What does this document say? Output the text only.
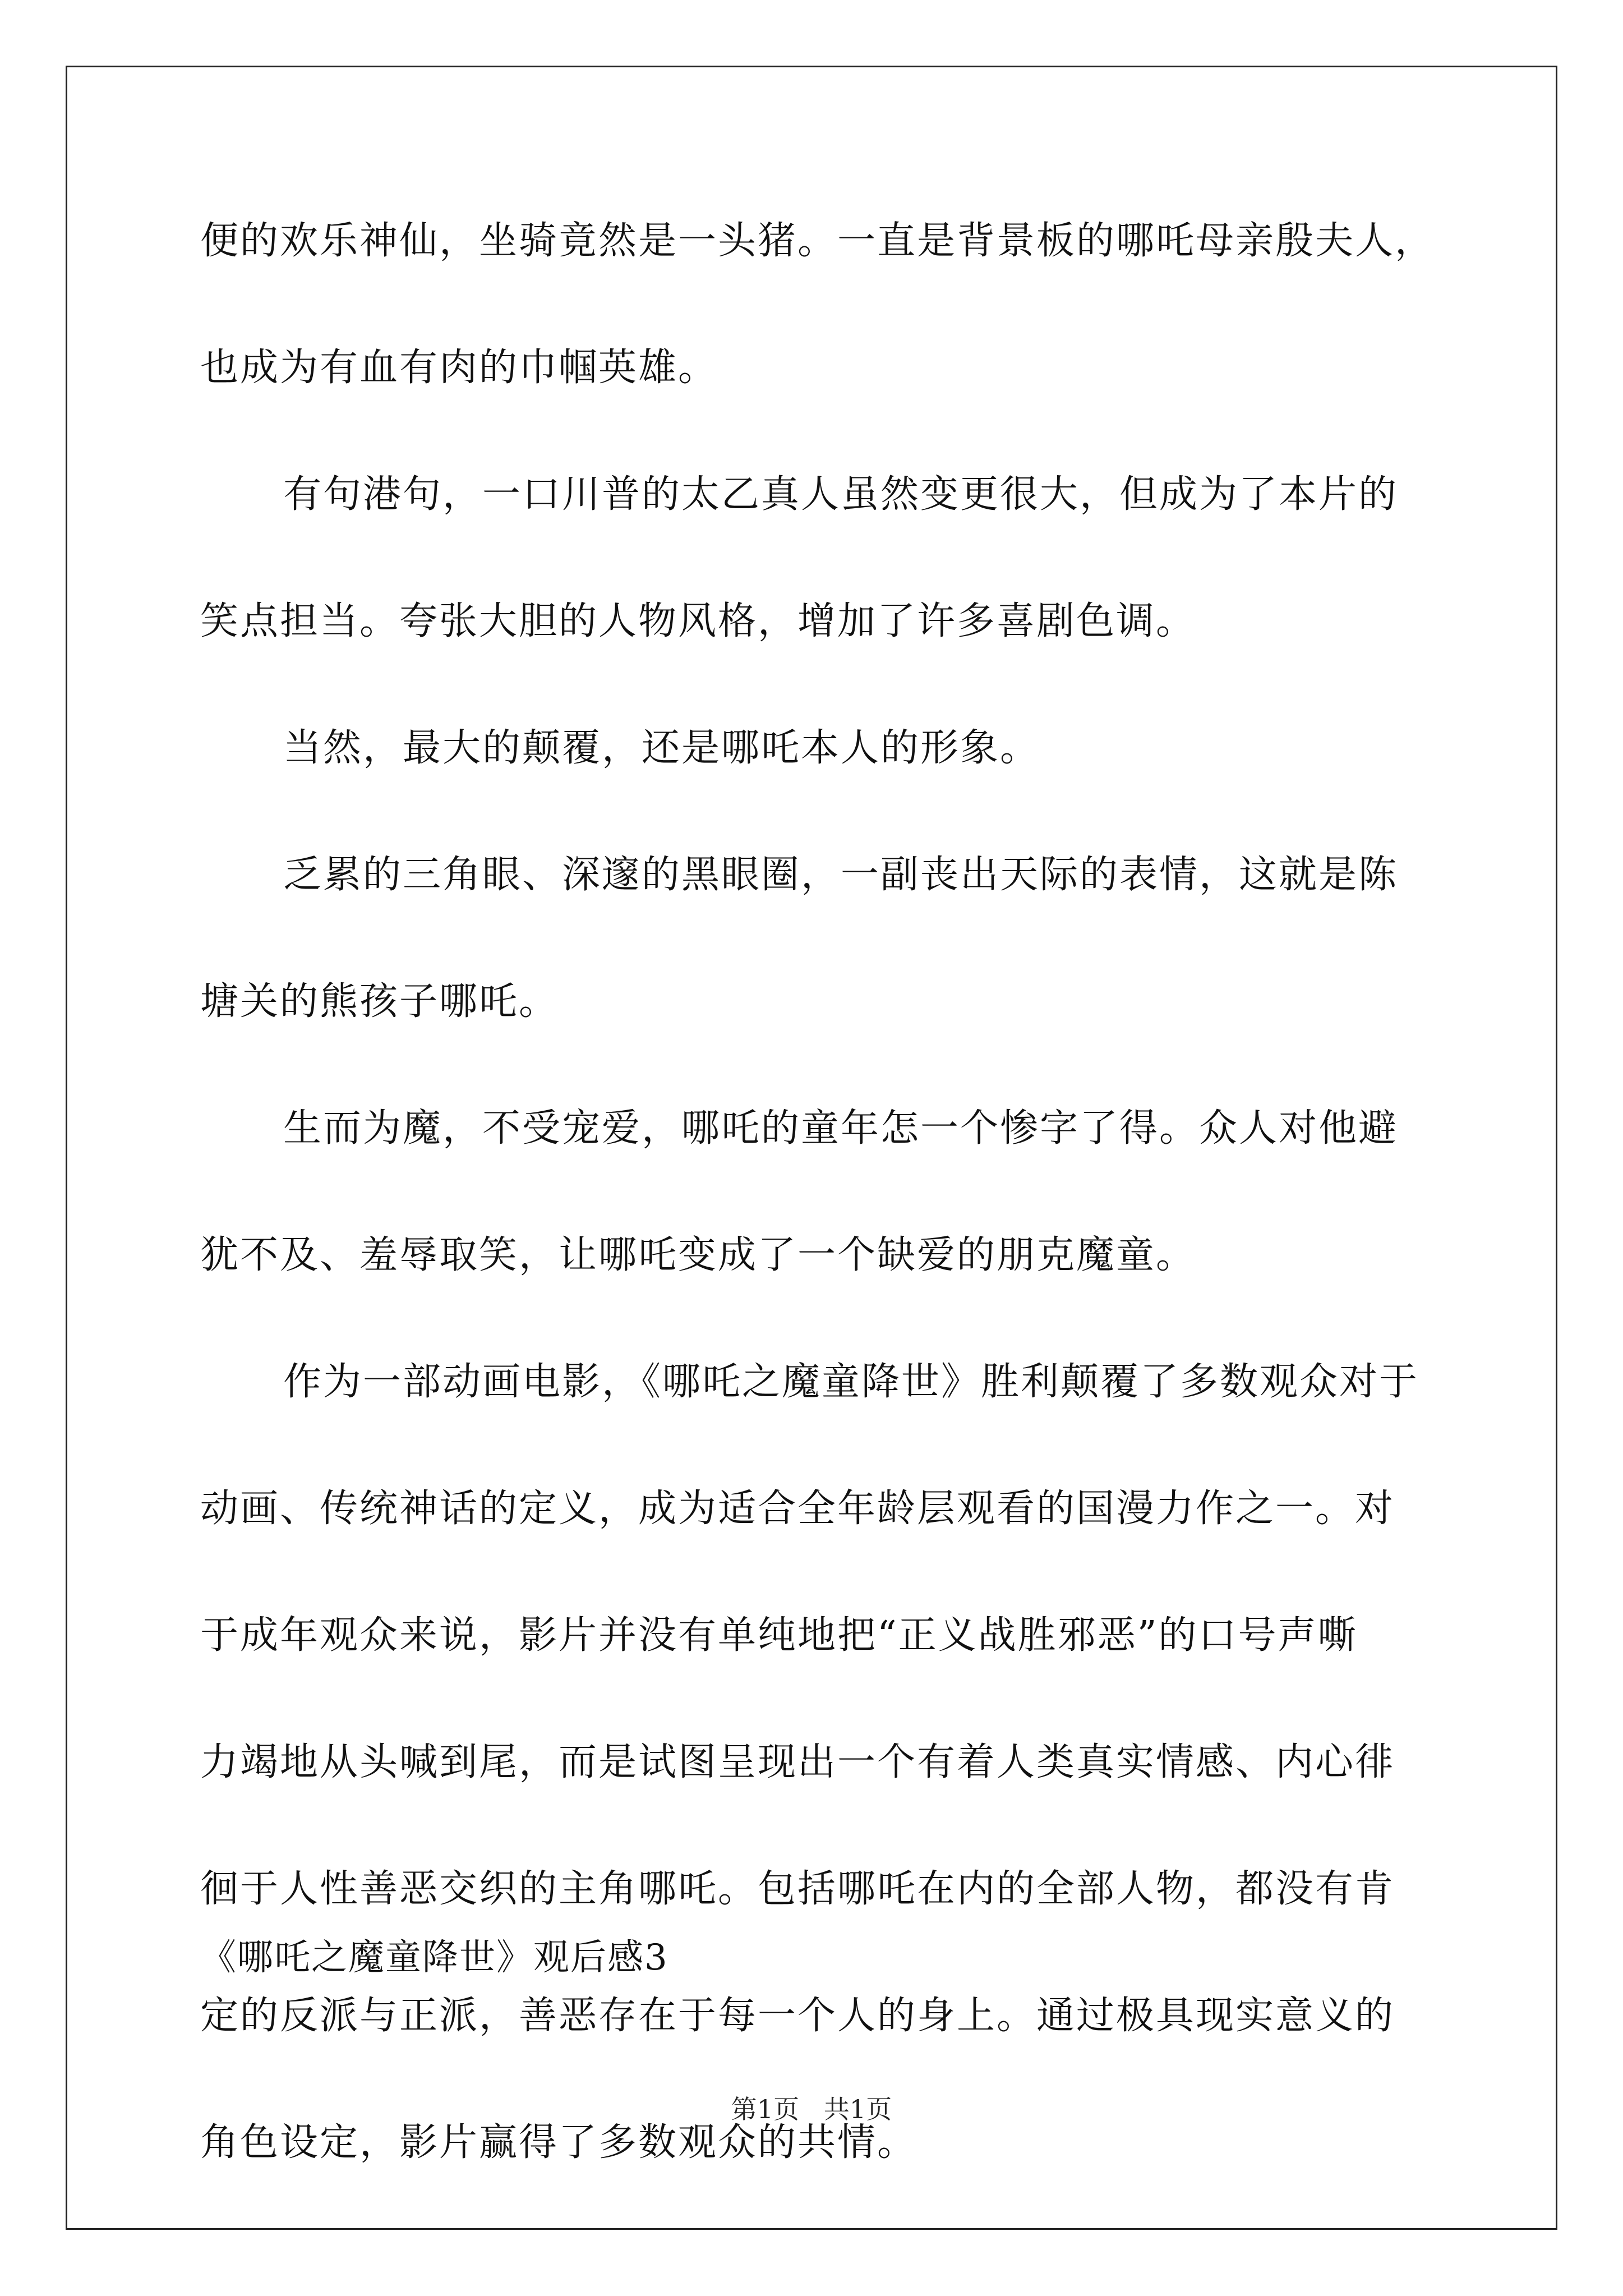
便的欢乐神仙，坐骑竟然是一头猪。一直是背景板的哪吒母亲殷夫人，
也成为有血有肉的巾帼英雄。
有句港句，一口川普的太乙真人虽然变更很大，但成为了本片的
笑点担当。夸张大胆的人物风格，增加了许多喜剧色调。
当然，最大的颠覆，还是哪吒本人的形象。
乏累的三角眼、深邃的黑眼圈，一副丧出天际的表情，这就是陈
塘关的熊孩子哪吒。
生而为魔，不受宠爱，哪吒的童年怎一个惨字了得。众人对他避
犹不及、羞辱取笑，让哪吒变成了一个缺爱的朋克魔童。
作为一部动画电影，《哪吒之魔童降世》胜利颠覆了多数观众对于
动画、传统神话的定义，成为适合全年龄层观看的国漫力作之一。对
于成年观众来说，影片并没有单纯地把“正义战胜邪恶”的口号声嘶
力竭地从头喊到尾，而是试图呈现出一个有着人类真实情感、内心徘
徊于人性善恶交织的主角哪吒。包括哪吒在内的全部人物，都没有肯
定的反派与正派，善恶存在于每一个人的身上。通过极具现实意义的
角色设定，影片赢得了多数观众的共情。
《哪吒之魔童降世》观后感3
第1页   共1页
